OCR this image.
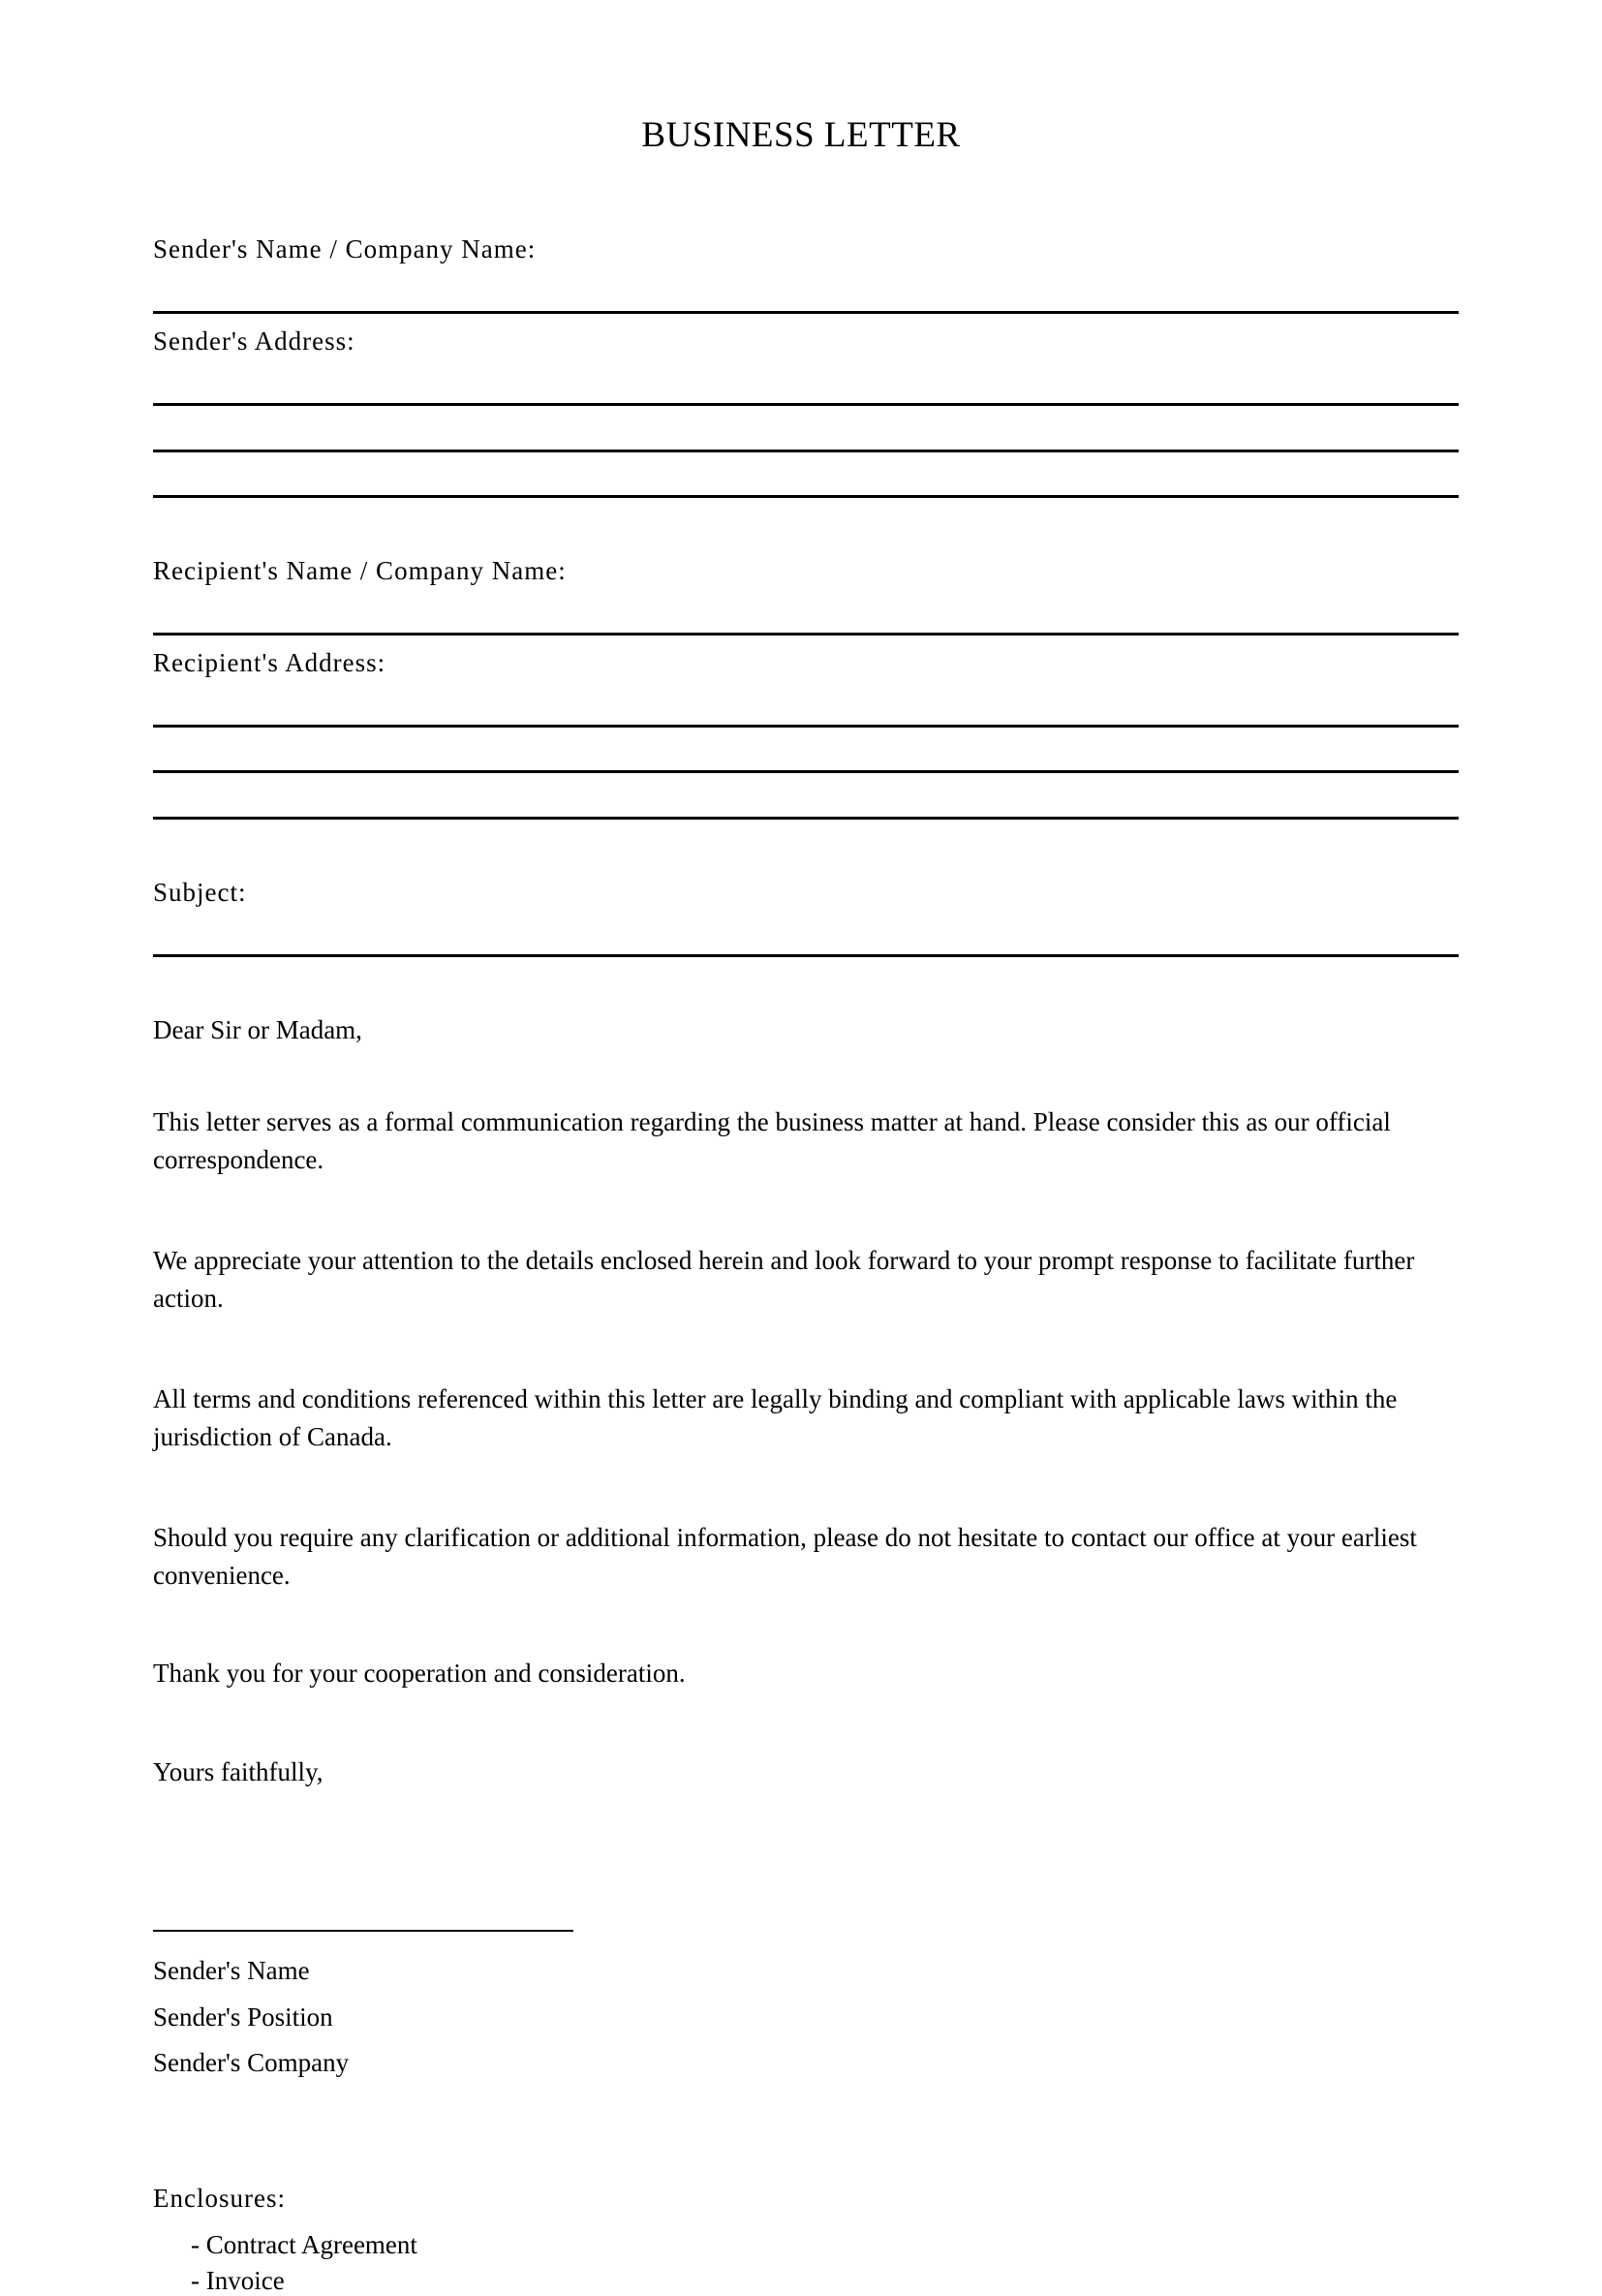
BUSINESS LETTER
Sender's Name / Company Name:
Sender's Address:
Recipient's Name / Company Name:
Recipient's Address:
Subject:
Dear Sir or Madam,
This letter serves as a formal communication regarding the business matter at hand. Please consider this as our official correspondence.
We appreciate your attention to the details enclosed herein and look forward to your prompt response to facilitate further action.
All terms and conditions referenced within this letter are legally binding and compliant with applicable laws within the jurisdiction of Canada.
Should you require any clarification or additional information, please do not hesitate to contact our office at your earliest convenience.
Thank you for your cooperation and consideration.
Yours faithfully,
Sender's Name
Sender's Position
Sender's Company
Enclosures:
- Contract Agreement
- Invoice
